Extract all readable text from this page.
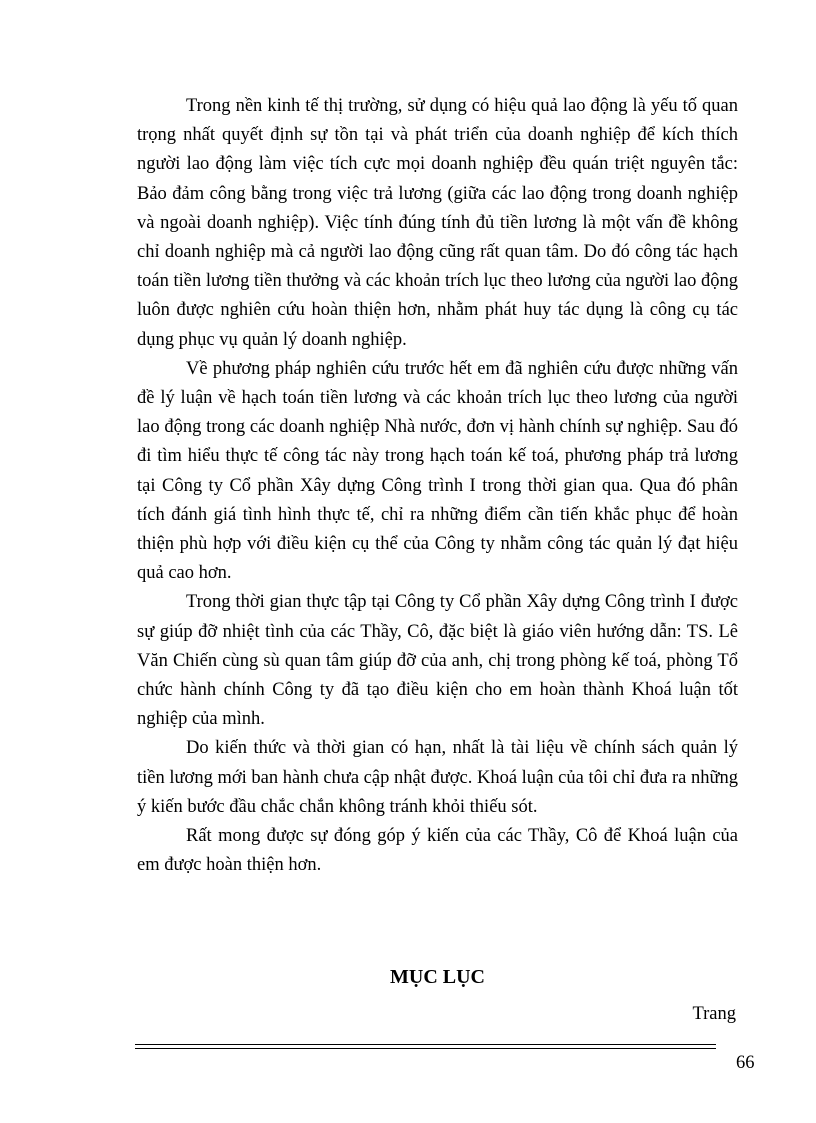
Trong nền kinh tế thị trường, sử dụng có hiệu quả lao động là yếu tố quan trọng nhất quyết định sự tồn tại và phát triển của doanh nghiệp để kích thích người lao động làm việc tích cực mọi doanh nghiệp đều quán triệt nguyên tắc: Bảo đảm công bằng trong việc trả lương (giữa các lao động trong doanh nghiệp và ngoài doanh nghiệp). Việc tính đúng tính đủ tiền lương là một vấn đề không chỉ doanh nghiệp mà cả người lao động cũng rất quan tâm. Do đó công tác hạch toán tiền lương tiền thưởng và các khoản trích lục theo lương của người lao động luôn được nghiên cứu hoàn thiện hơn, nhằm phát huy tác dụng là công cụ tác dụng phục vụ quản lý doanh nghiệp.

Về phương pháp nghiên cứu trước hết em đã nghiên cứu được những vấn đề lý luận về hạch toán tiền lương và các khoản trích lục theo lương của người lao động trong các doanh nghiệp Nhà nước, đơn vị hành chính sự nghiệp. Sau đó đi tìm hiểu thực tế công tác này trong hạch toán kế toá, phương pháp trả lương tại Công ty Cổ phần Xây dựng Công trình I trong thời gian qua. Qua đó phân tích đánh giá tình hình thực tế, chỉ ra những điểm cần tiến khắc phục để hoàn thiện phù hợp với điều kiện cụ thể của Công ty nhằm công tác quản lý đạt hiệu quả cao hơn.

Trong thời gian thực tập tại Công ty Cổ phần Xây dựng Công trình I được sự giúp đỡ nhiệt tình của các Thầy, Cô, đặc biệt là giáo viên hướng dẫn: TS. Lê Văn Chiến cùng sù quan tâm giúp đỡ của anh, chị trong phòng kế toá, phòng Tổ chức hành chính Công ty đã tạo điều kiện cho em hoàn thành Khoá luận tốt nghiệp của mình.

Do kiến thức và thời gian có hạn, nhất là tài liệu về chính sách quản lý tiền lương mới ban hành chưa cập nhật được. Khoá luận của tôi chỉ đưa ra những ý kiến bước đầu chắc chắn không tránh khỏi thiếu sót.

Rất mong được sự đóng góp ý kiến của các Thầy, Cô để Khoá luận của em được hoàn thiện hơn.

MỤC LỤC

Trang

66
